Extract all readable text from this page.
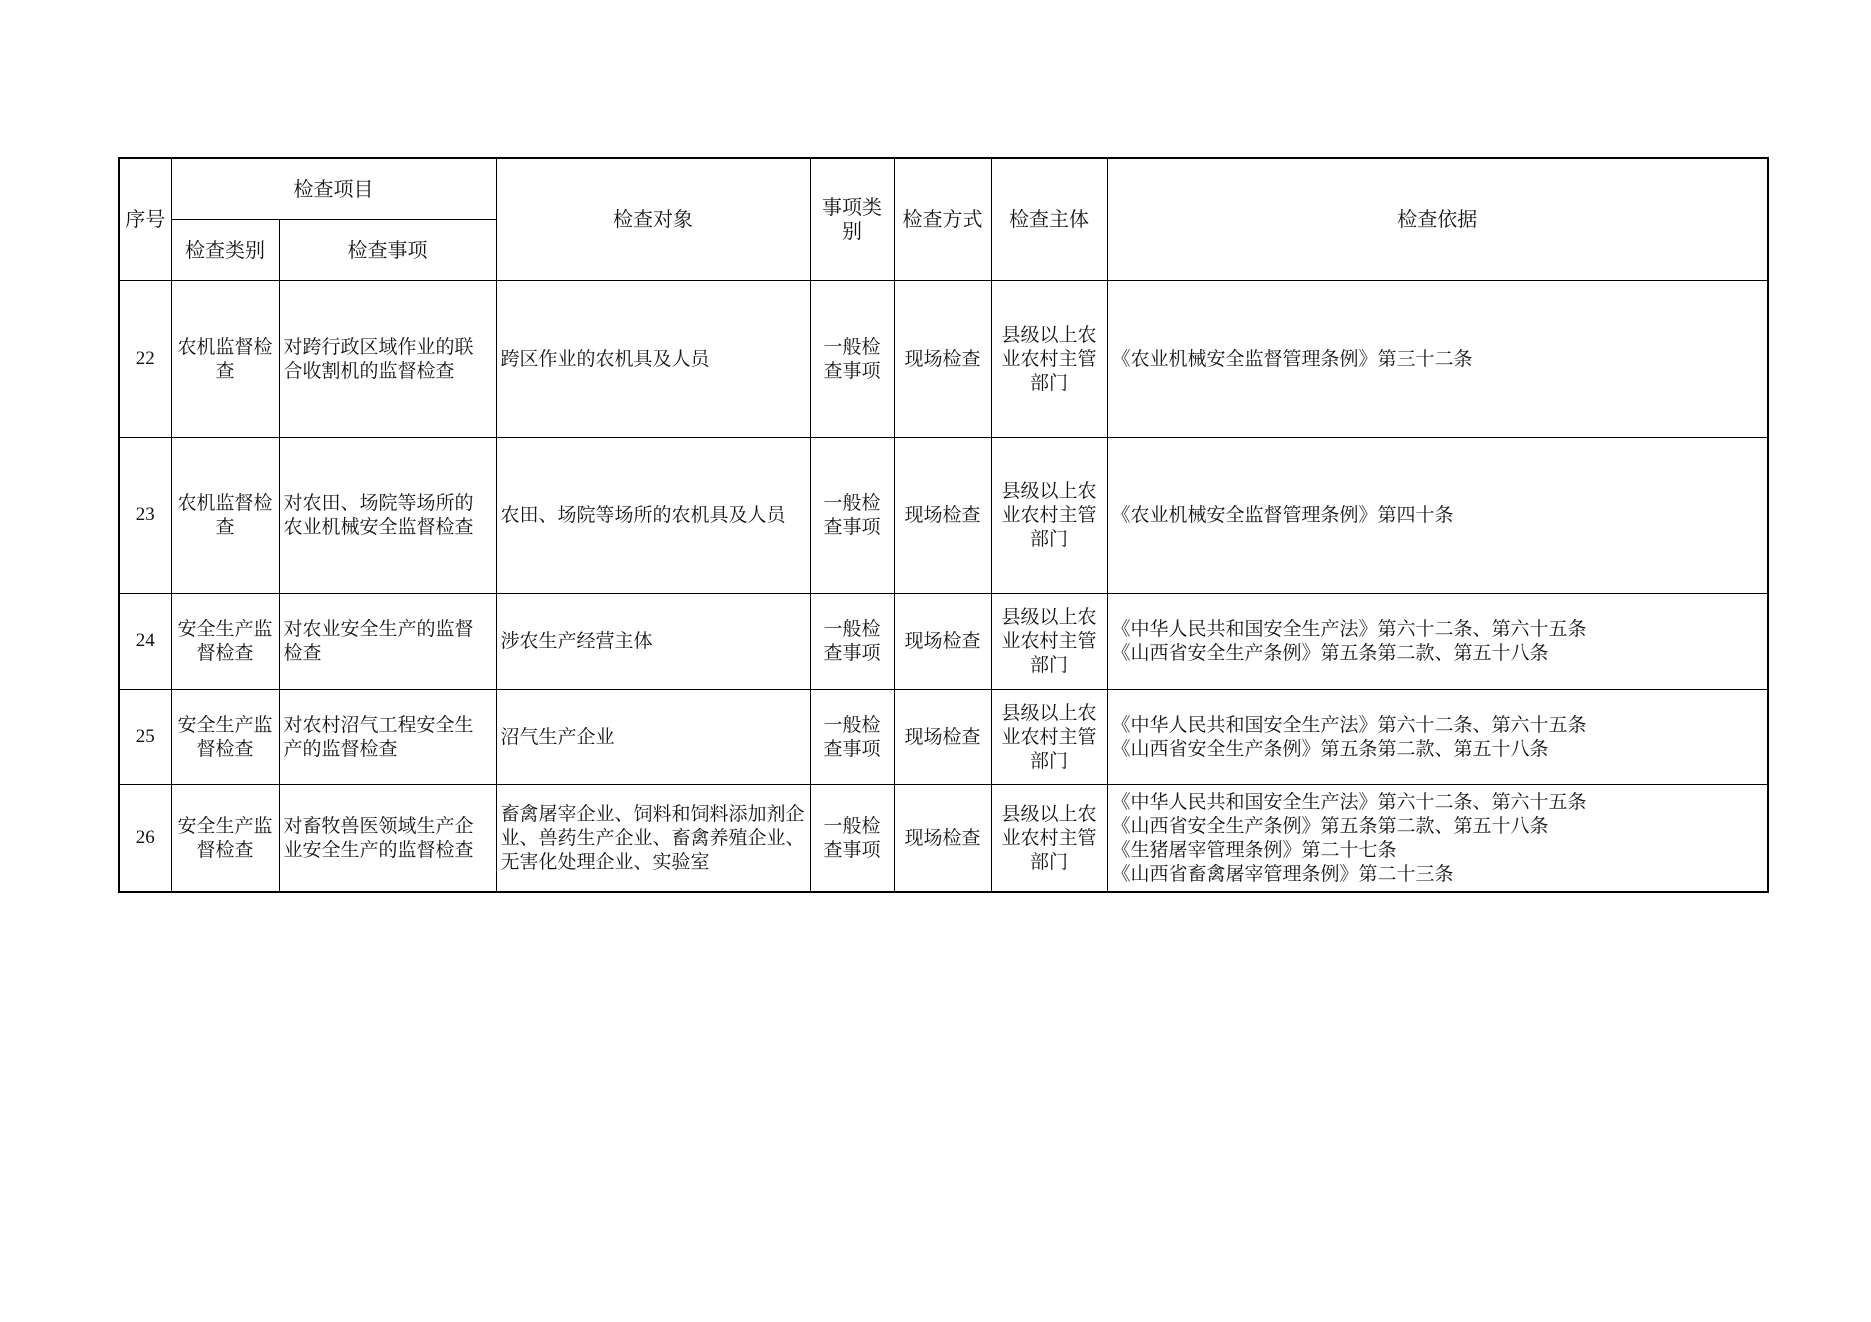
序号	检查项目		检查对象	事项类别	检查方式	检查主体	检查依据
	检查类别	检查事项					
22	农机监督检查	对跨行政区域作业的联合收割机的监督检查	跨区作业的农机具及人员	一般检查事项	现场检查	县级以上农业农村主管部门	《农业机械安全监督管理条例》第三十二条

23	农机监督检查	对农田、场院等场所的农业机械安全监督检查	农田、场院等场所的农机具及人员	一般检查事项	现场检查	县级以上农业农村主管部门	《农业机械安全监督管理条例》第四十条

24	安全生产监督检查	对农业安全生产的监督检查	涉农生产经营主体	一般检查事项	现场检查	县级以上农业农村主管部门	《中华人民共和国安全生产法》第六十二条、第六十五条
《山西省安全生产条例》第五条第二款、第五十八条

25	安全生产监督检查	对农村沼气工程安全生产的监督检查	沼气生产企业	一般检查事项	现场检查	县级以上农业农村主管部门	《中华人民共和国安全生产法》第六十二条、第六十五条
《山西省安全生产条例》第五条第二款、第五十八条

26	安全生产监督检查	对畜牧兽医领域生产企业安全生产的监督检查	畜禽屠宰企业、饲料和饲料添加剂企业、兽药生产企业、畜禽养殖企业、无害化处理企业、实验室	一般检查事项	现场检查	县级以上农业农村主管部门	《中华人民共和国安全生产法》第六十二条、第六十五条
《山西省安全生产条例》第五条第二款、第五十八条
《生猪屠宰管理条例》第二十七条
《山西省畜禽屠宰管理条例》第二十三条
